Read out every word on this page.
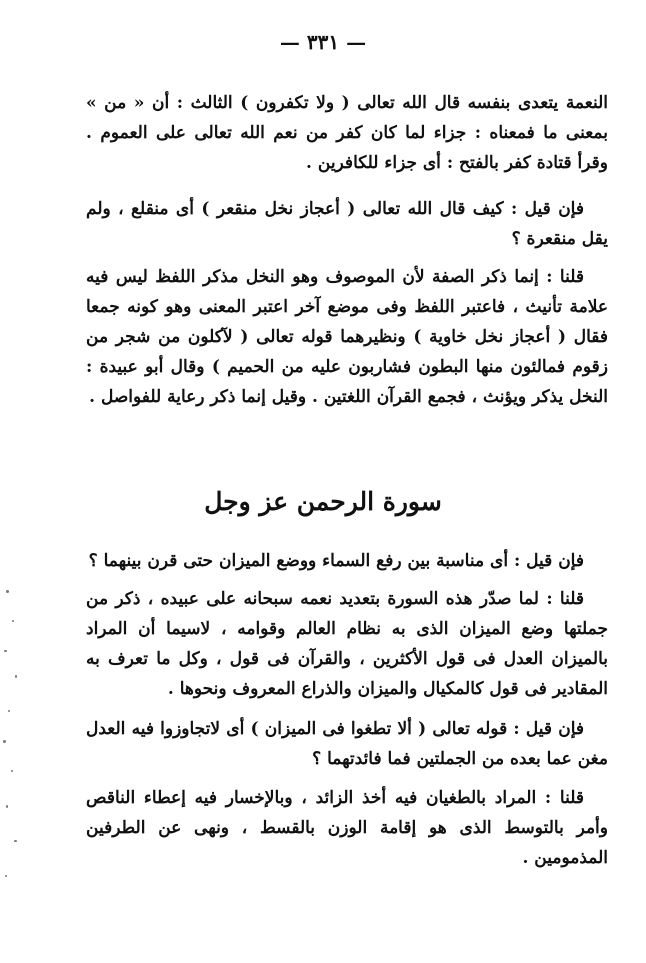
— ٣٣١ —

النعمة يتعدى بنفسه قال الله تعالى ( ولا تكفرون ) الثالث : أن « من » بمعنى ما فمعناه : جزاء لما كان كفر من نعم الله تعالى على العموم . وقرأ قتادة كفر بالفتح : أى جزاء للكافرين .

فإن قيل : كيف قال الله تعالى ( أعجاز نخل منقعر ) أى منقلع ، ولم يقل منقعرة ؟

قلنا : إنما ذكر الصفة لأن الموصوف وهو النخل مذكر اللفظ ليس فيه علامة تأنيث ، فاعتبر اللفظ وفى موضع آخر اعتبر المعنى وهو كونه جمعا فقال ( أعجاز نخل خاوية ) ونظيرهما قوله تعالى ( لآكلون من شجر من زقوم فمالئون منها البطون فشاربون عليه من الحميم ) وقال أبو عبيدة : النخل يذكر ويؤنث ، فجمع القرآن اللغتين . وقيل إنما ذكر رعاية للفواصل .

سورة الرحمن عز وجل

فإن قيل : أى مناسبة بين رفع السماء ووضع الميزان حتى قرن بينهما ؟

قلنا : لما صدّر هذه السورة بتعديد نعمه سبحانه على عبيده ، ذكر من جملتها وضع الميزان الذى به نظام العالم وقوامه ، لاسيما أن المراد بالميزان العدل فى قول الأكثرين ، والقرآن فى قول ، وكل ما تعرف به المقادير فى قول كالمكيال والميزان والذراع المعروف ونحوها .

فإن قيل : قوله تعالى ( ألا تطغوا فى الميزان ) أى لاتجاوزوا فيه العدل مغن عما بعده من الجملتين فما فائدتهما ؟

قلنا : المراد بالطغيان فيه أخذ الزائد ، وبالإخسار فيه إعطاء الناقص وأمر بالتوسط الذى هو إقامة الوزن بالقسط ، ونهى عن الطرفين المذمومين .
